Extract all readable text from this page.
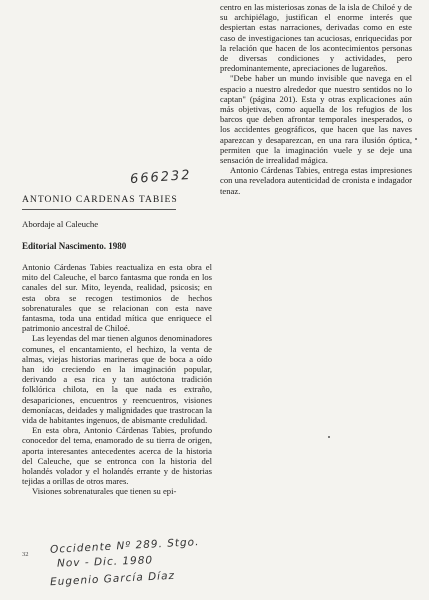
centro en las misteriosas zonas de la isla de Chiloé y de su archipiélago, justifican el enorme interés que despiertan estas narraciones, derivadas como en este caso de investigaciones tan acuciosas, enriquecidas por la relación que hacen de los acontecimientos personas de diversas condiciones y actividades, pero predominantemente, apreciaciones de lugareños.

"Debe haber un mundo invisible que navega en el espacio a nuestro alrededor que nuestro sentidos no lo captan" (página 201). Esta y otras explicaciones aún más objetivas, como aquella de los refugios de los barcos que deben afrontar temporales inesperados, o los accidentes geográficos, que hacen que las naves aparezcan y desaparezcan, en una rara ilusión óptica, permiten que la imaginación vuele y se deje una sensación de irrealidad mágica.

Antonio Cárdenas Tabies, entrega estas impresiones con una reveladora autenticidad de cronista e indagador tenaz.

666232
ANTONIO CARDENAS TABIES
Abordaje al Caleuche
Editorial Nascimento. 1980

Antonio Cárdenas Tabies reactualiza en esta obra el mito del Caleuche, el barco fantasma que ronda en los canales del sur. Mito, leyenda, realidad, psicosis; en esta obra se recogen testimonios de hechos sobrenaturales que se relacionan con esta nave fantasma, toda una entidad mítica que enriquece el patrimonio ancestral de Chiloé.

Las leyendas del mar tienen algunos denominadores comunes, el encantamiento, el hechizo, la venta de almas, viejas historias marineras que de boca a oído han ido creciendo en la imaginación popular, derivando a esa rica y tan autóctona tradición folklórica chilota, en la que nada es extraño, desapariciones, encuentros y reencuentros, visiones demoníacas, deidades y malignidades que trastrocan la vida de habitantes ingenuos, de abismante credulidad.

En esta obra, Antonio Cárdenas Tabies, profundo conocedor del tema, enamorado de su tierra de origen, aporta interesantes antecedentes acerca de la historia del Caleuche, que se entronca con la historia del holandés volador y el holandés errante y de historias tejidas a orillas de otros mares.

Visiones sobrenaturales que tienen su epi-

32 Occidente Nº 289. Stgo.
Nov - Dic. 1980
Eugenio García Díaz
